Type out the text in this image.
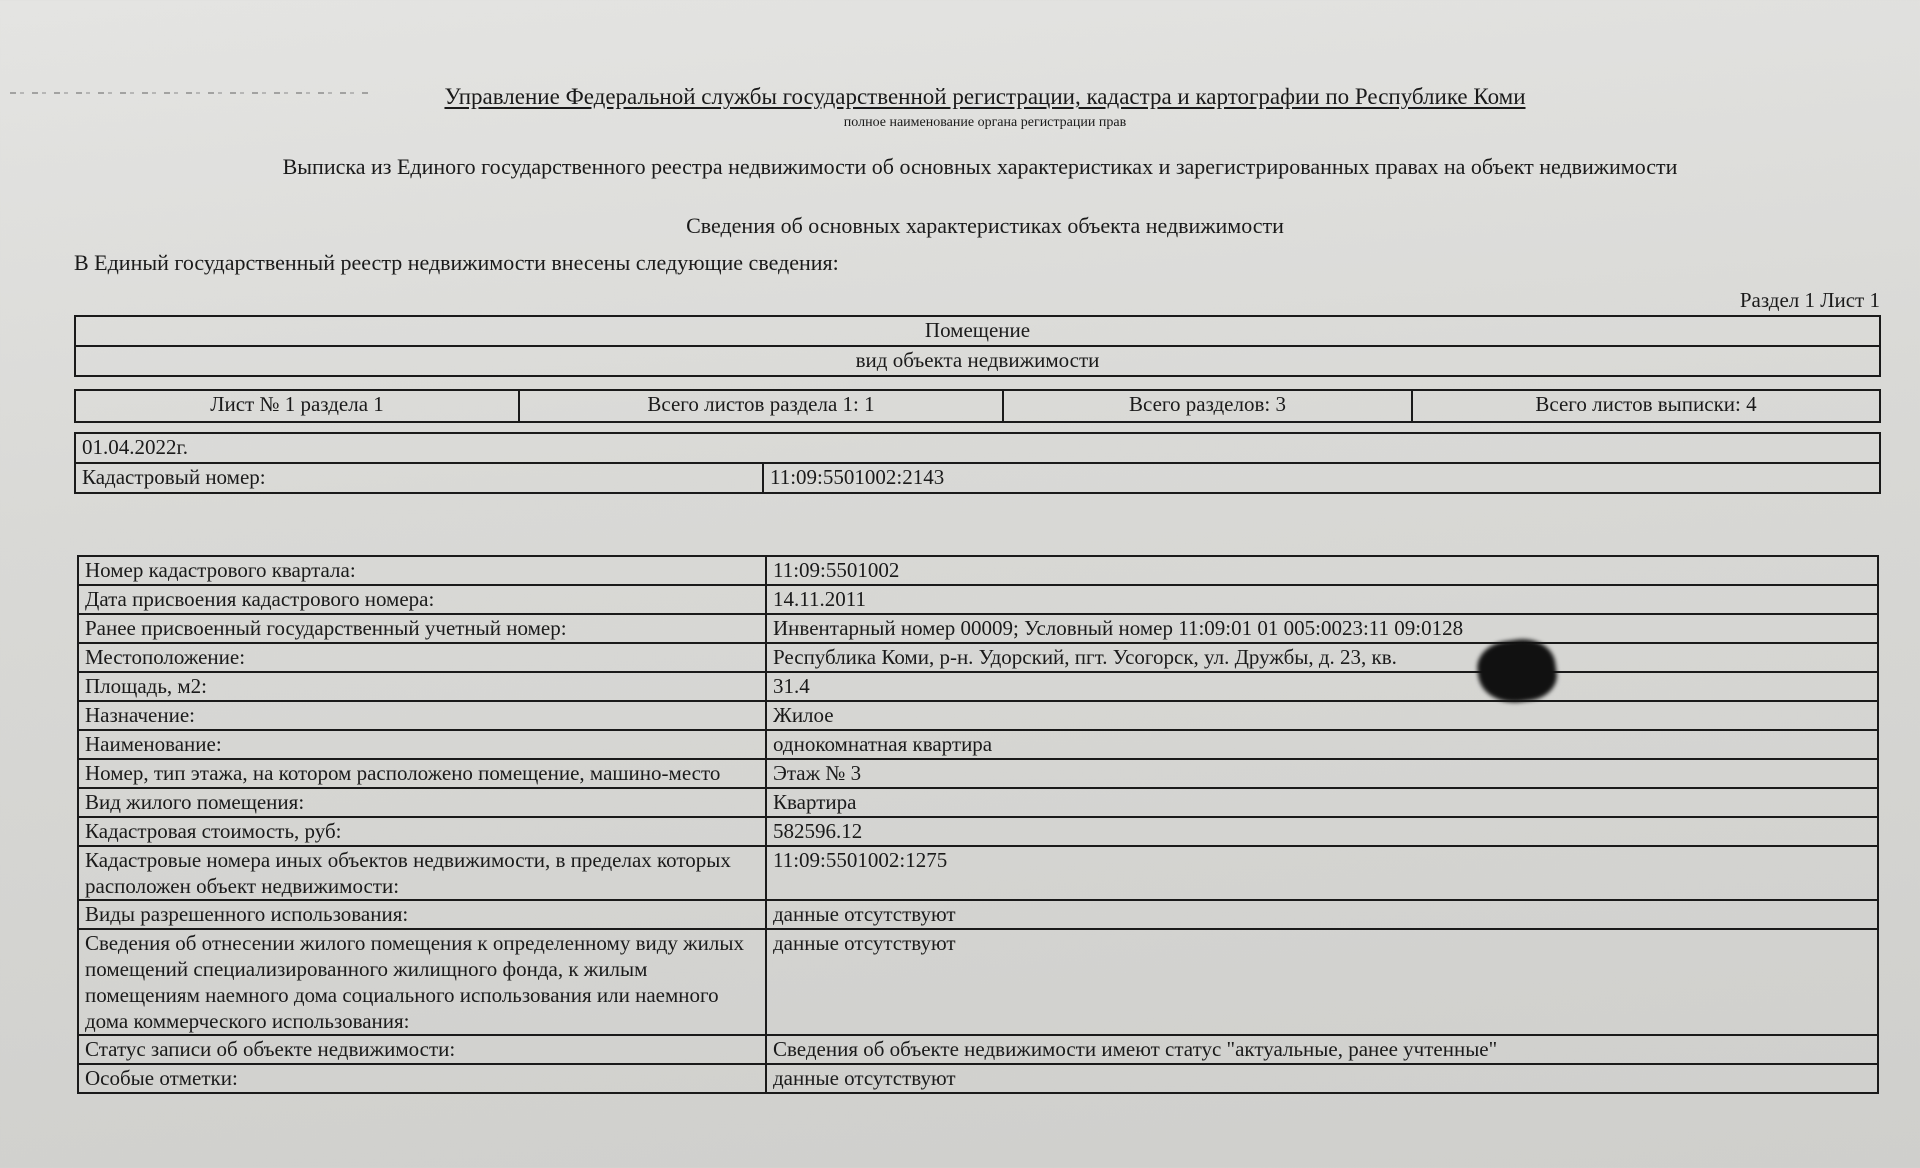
Управление Федеральной службы государственной регистрации, кадастра и картографии по Республике Коми
полное наименование органа регистрации прав
Выписка из Единого государственного реестра недвижимости об основных характеристиках и зарегистрированных правах на объект недвижимости
Сведения об основных характеристиках объекта недвижимости
В Единый государственный реестр недвижимости внесены следующие сведения:
Раздел 1 Лист 1
Помещение
вид объекта недвижимости
Лист № 1 раздела 1	Всего листов раздела 1: 1	Всего разделов: 3	Всего листов выписки: 4
01.04.2022г.
Кадастровый номер:	11:09:5501002:2143
Номер кадастрового квартала:	11:09:5501002
Дата присвоения кадастрового номера:	14.11.2011
Ранее присвоенный государственный учетный номер:	Инвентарный номер 00009; Условный номер 11:09:01 01 005:0023:11 09:0128
Местоположение:	Республика Коми, р-н. Удорский, пгт. Усогорск, ул. Дружбы, д. 23, кв.
Площадь, м2:	31.4
Назначение:	Жилое
Наименование:	однокомнатная квартира
Номер, тип этажа, на котором расположено помещение, машино-место	Этаж № 3
Вид жилого помещения:	Квартира
Кадастровая стоимость, руб:	582596.12
Кадастровые номера иных объектов недвижимости, в пределах которых расположен объект недвижимости:	11:09:5501002:1275
Виды разрешенного использования:	данные отсутствуют
Сведения об отнесении жилого помещения к определенному виду жилых помещений специализированного жилищного фонда, к жилым помещениям наемного дома социального использования или наемного дома коммерческого использования:	данные отсутствуют
Статус записи об объекте недвижимости:	Сведения об объекте недвижимости имеют статус "актуальные, ранее учтенные"
Особые отметки:	данные отсутствуют
